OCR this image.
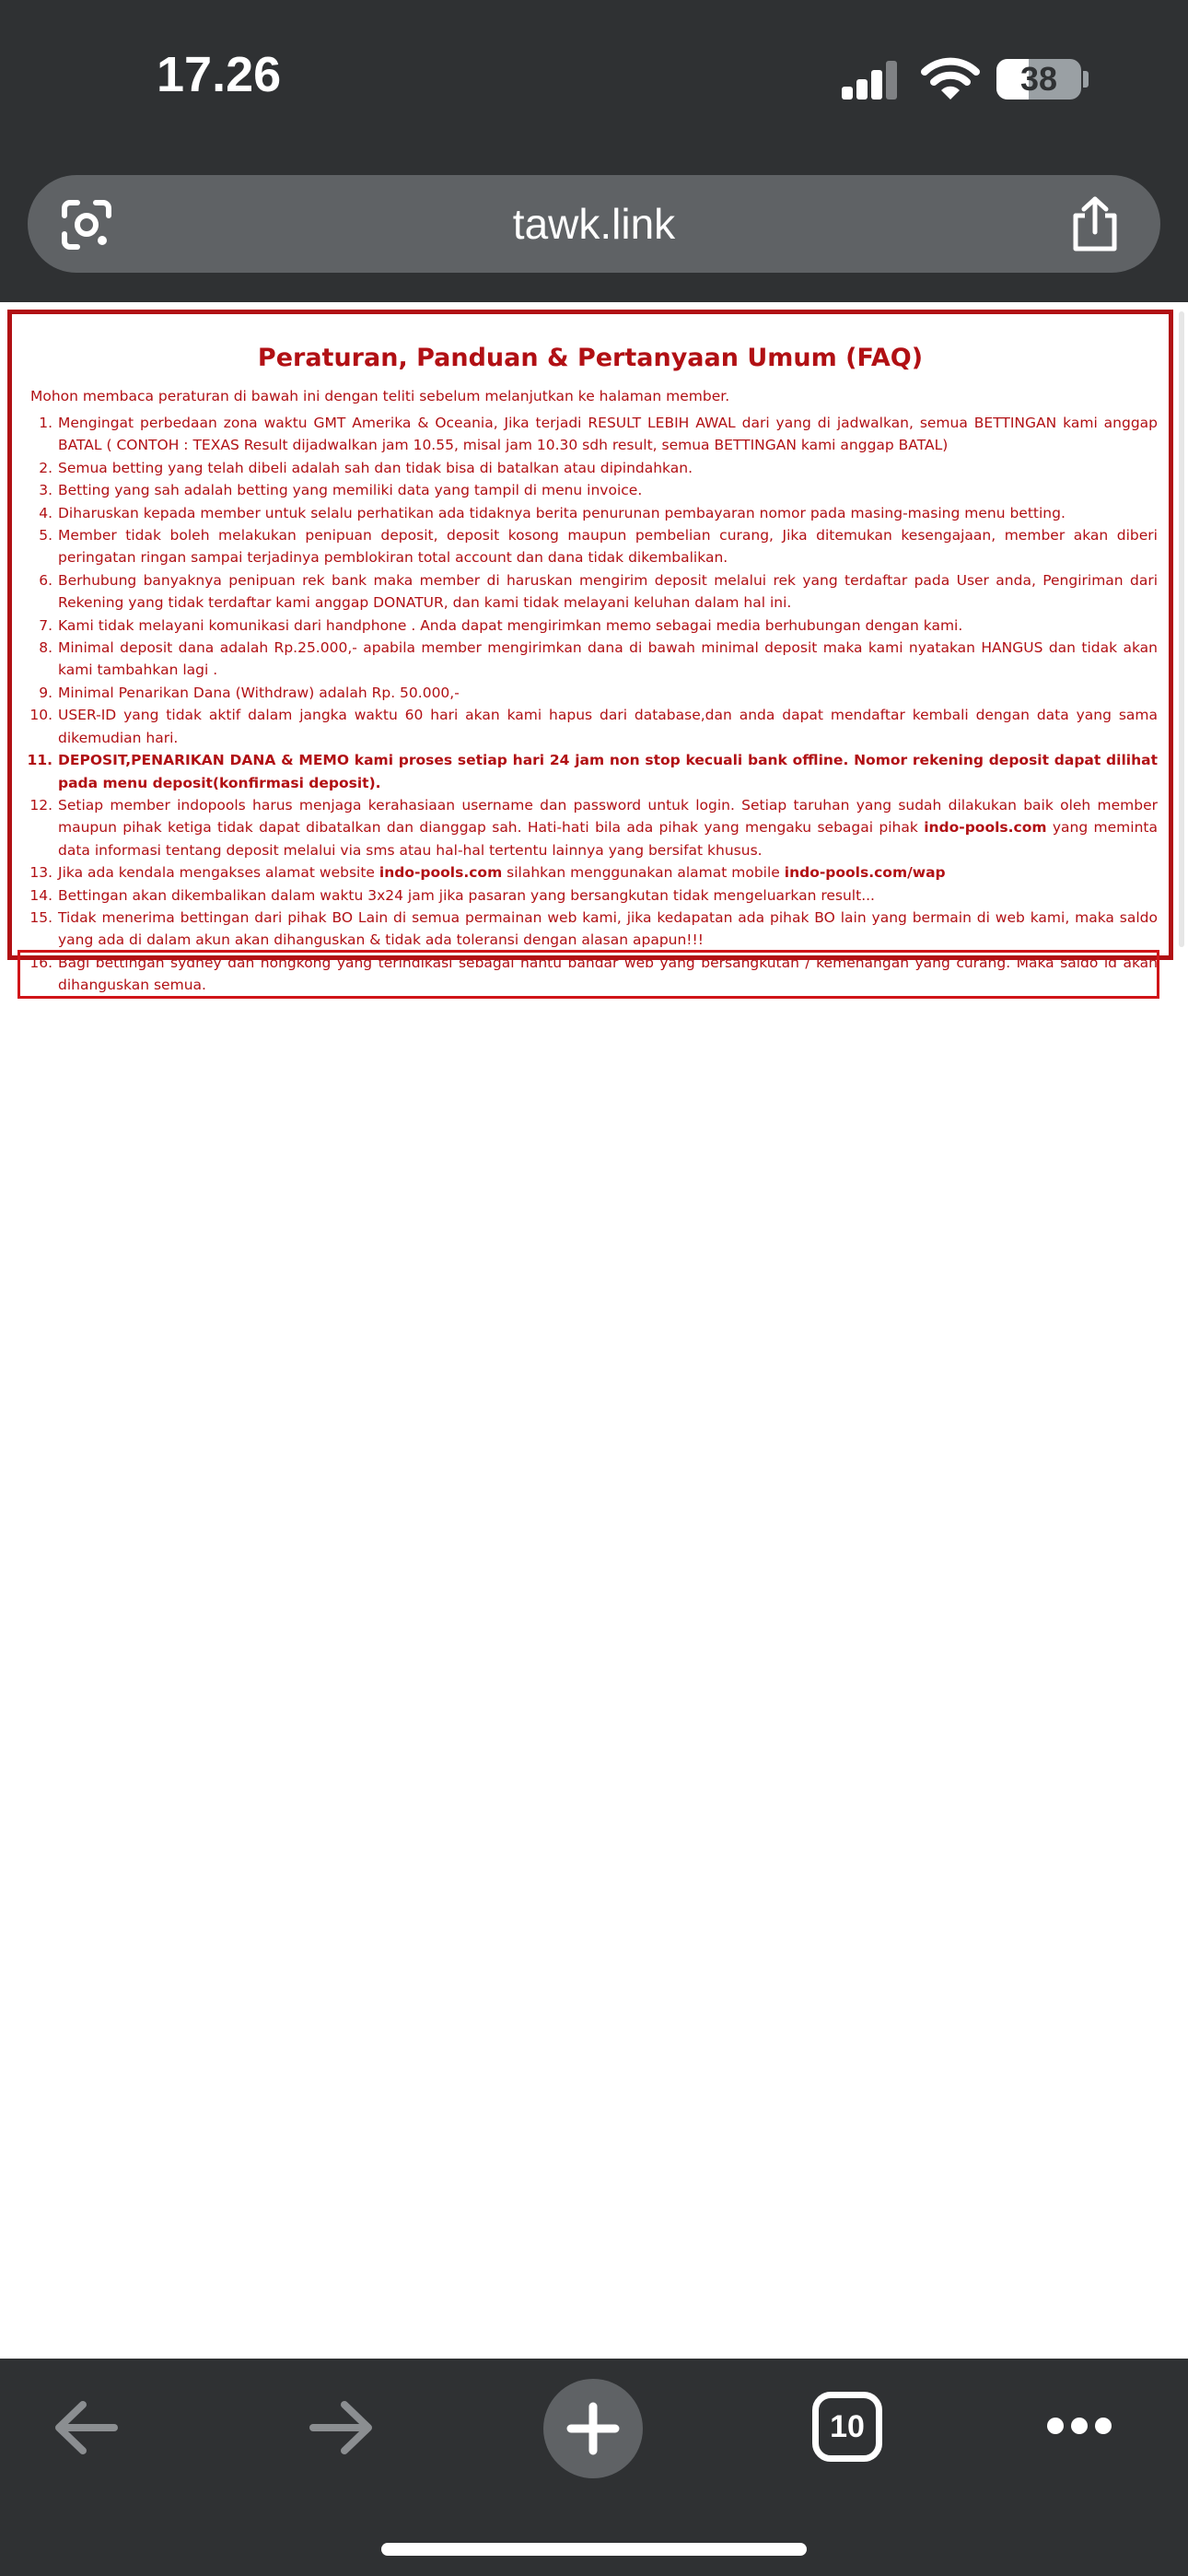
17.26	38
tawk.link
Peraturan, Panduan & Pertanyaan Umum (FAQ)
Mohon membaca peraturan di bawah ini dengan teliti sebelum melanjutkan ke halaman member.
1. Mengingat perbedaan zona waktu GMT Amerika & Oceania, Jika terjadi RESULT LEBIH AWAL dari yang di jadwalkan, semua BETTINGAN kami anggap BATAL ( CONTOH : TEXAS Result dijadwalkan jam 10.55, misal jam 10.30 sdh result, semua BETTINGAN kami anggap BATAL)
2. Semua betting yang telah dibeli adalah sah dan tidak bisa di batalkan atau dipindahkan.
3. Betting yang sah adalah betting yang memiliki data yang tampil di menu invoice.
4. Diharuskan kepada member untuk selalu perhatikan ada tidaknya berita penurunan pembayaran nomor pada masing-masing menu betting.
5. Member tidak boleh melakukan penipuan deposit, deposit kosong maupun pembelian curang, Jika ditemukan kesengajaan, member akan diberi peringatan ringan sampai terjadinya pemblokiran total account dan dana tidak dikembalikan.
6. Berhubung banyaknya penipuan rek bank maka member di haruskan mengirim deposit melalui rek yang terdaftar pada User anda, Pengiriman dari Rekening yang tidak terdaftar kami anggap DONATUR, dan kami tidak melayani keluhan dalam hal ini.
7. Kami tidak melayani komunikasi dari handphone . Anda dapat mengirimkan memo sebagai media berhubungan dengan kami.
8. Minimal deposit dana adalah Rp.25.000,- apabila member mengirimkan dana di bawah minimal deposit maka kami nyatakan HANGUS dan tidak akan kami tambahkan lagi .
9. Minimal Penarikan Dana (Withdraw) adalah Rp. 50.000,-
10. USER-ID yang tidak aktif dalam jangka waktu 60 hari akan kami hapus dari database,dan anda dapat mendaftar kembali dengan data yang sama dikemudian hari.
11. DEPOSIT,PENARIKAN DANA & MEMO kami proses setiap hari 24 jam non stop kecuali bank offline. Nomor rekening deposit dapat dilihat pada menu deposit(konfirmasi deposit).
12. Setiap member indopools harus menjaga kerahasiaan username dan password untuk login. Setiap taruhan yang sudah dilakukan baik oleh member maupun pihak ketiga tidak dapat dibatalkan dan dianggap sah. Hati-hati bila ada pihak yang mengaku sebagai pihak indo-pools.com yang meminta data informasi tentang deposit melalui via sms atau hal-hal tertentu lainnya yang bersifat khusus.
13. Jika ada kendala mengakses alamat website indo-pools.com silahkan menggunakan alamat mobile indo-pools.com/wap
14. Bettingan akan dikembalikan dalam waktu 3x24 jam jika pasaran yang bersangkutan tidak mengeluarkan result...
15. Tidak menerima bettingan dari pihak BO Lain di semua permainan web kami, jika kedapatan ada pihak BO lain yang bermain di web kami, maka saldo yang ada di dalam akun akan dihanguskan & tidak ada toleransi dengan alasan apapun!!!
16. Bagi bettingan sydney dan hongkong yang terindikasi sebagai hantu bandar web yang bersangkutan / kemenangan yang curang. Maka saldo id akan dihanguskan semua.
10
